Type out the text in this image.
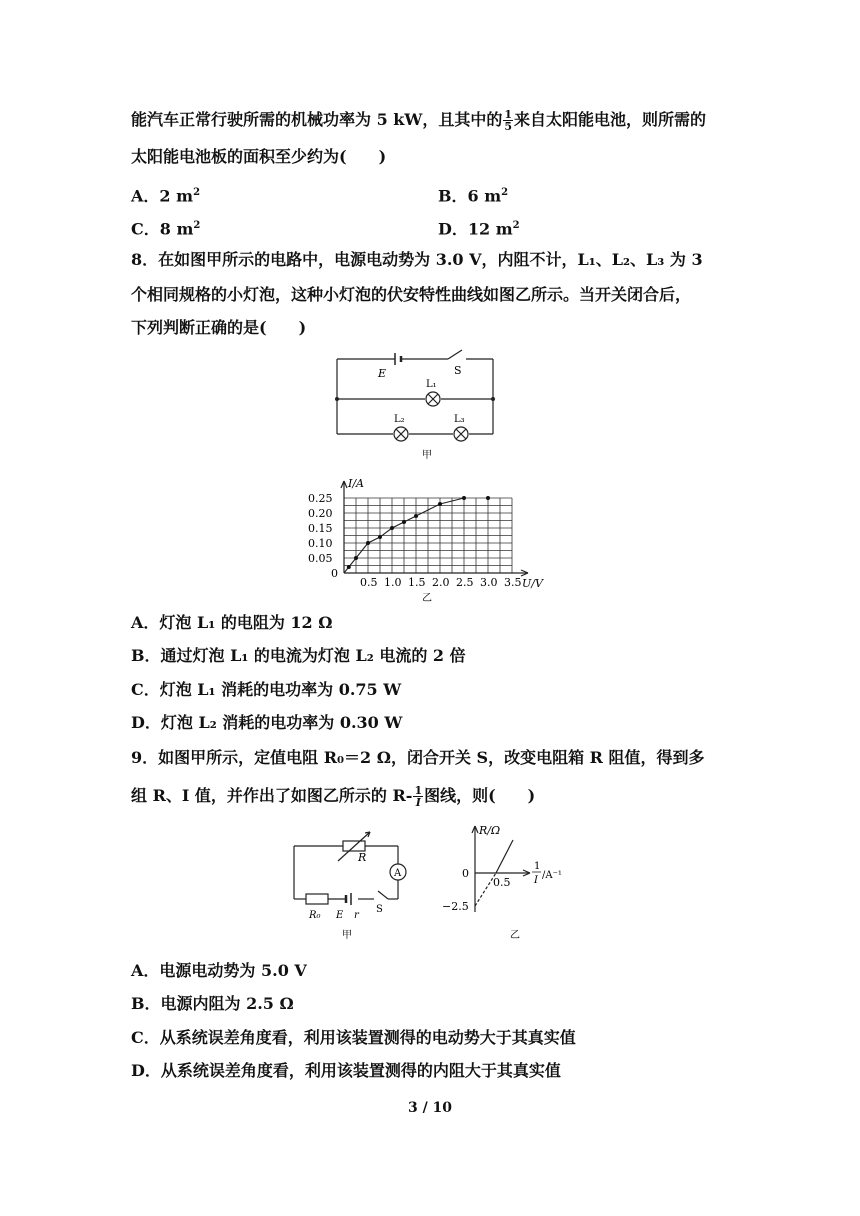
能汽车正常行驶所需的机械功率为 5 kW，且其中的 $\frac{1}{5}$ 来自太阳能电池，则所需的
太阳能电池板的面积至少约为(　　)
A．2 $m^2$	B．6 $m^2$
C．8 $m^2$	D．12 $m^2$
8．在如图甲所示的电路中，电源电动势为 3.0 V，内阻不计，L₁、L₂、L₃ 为 3
个相同规格的小灯泡，这种小灯泡的伏安特性曲线如图乙所示。当开关闭合后，
下列判断正确的是(　　)
E	S
L₁
L₂	L₃
甲
0.5 1.0 1.5 2.0 2.5 3.0 3.5
0.05
0.10
0.15
0.20
0.25
I/A
U/V
0
乙
A．灯泡 L₁ 的电阻为 12 Ω
B．通过灯泡 L₁ 的电流为灯泡 L₂ 电流的 2 倍
C．灯泡 L₁ 消耗的电功率为 0.75 W
D．灯泡 L₂ 消耗的电功率为 0.30 W
9．如图甲所示，定值电阻 R₀＝2 Ω，闭合开关 S，改变电阻箱 R 阻值，得到多
组 R、I 值，并作出了如图乙所示的 $R- \frac{1}{I}$ 图线，则(　　)
R
A
R₀ E r
S
甲
R/Ω
0
0.5
−2.5
1
I /A⁻¹
乙
A．电源电动势为 5.0 V
B．电源内阻为 2.5 Ω
C．从系统误差角度看，利用该装置测得的电动势大于其真实值
D．从系统误差角度看，利用该装置测得的内阻大于其真实值
3 / 10
